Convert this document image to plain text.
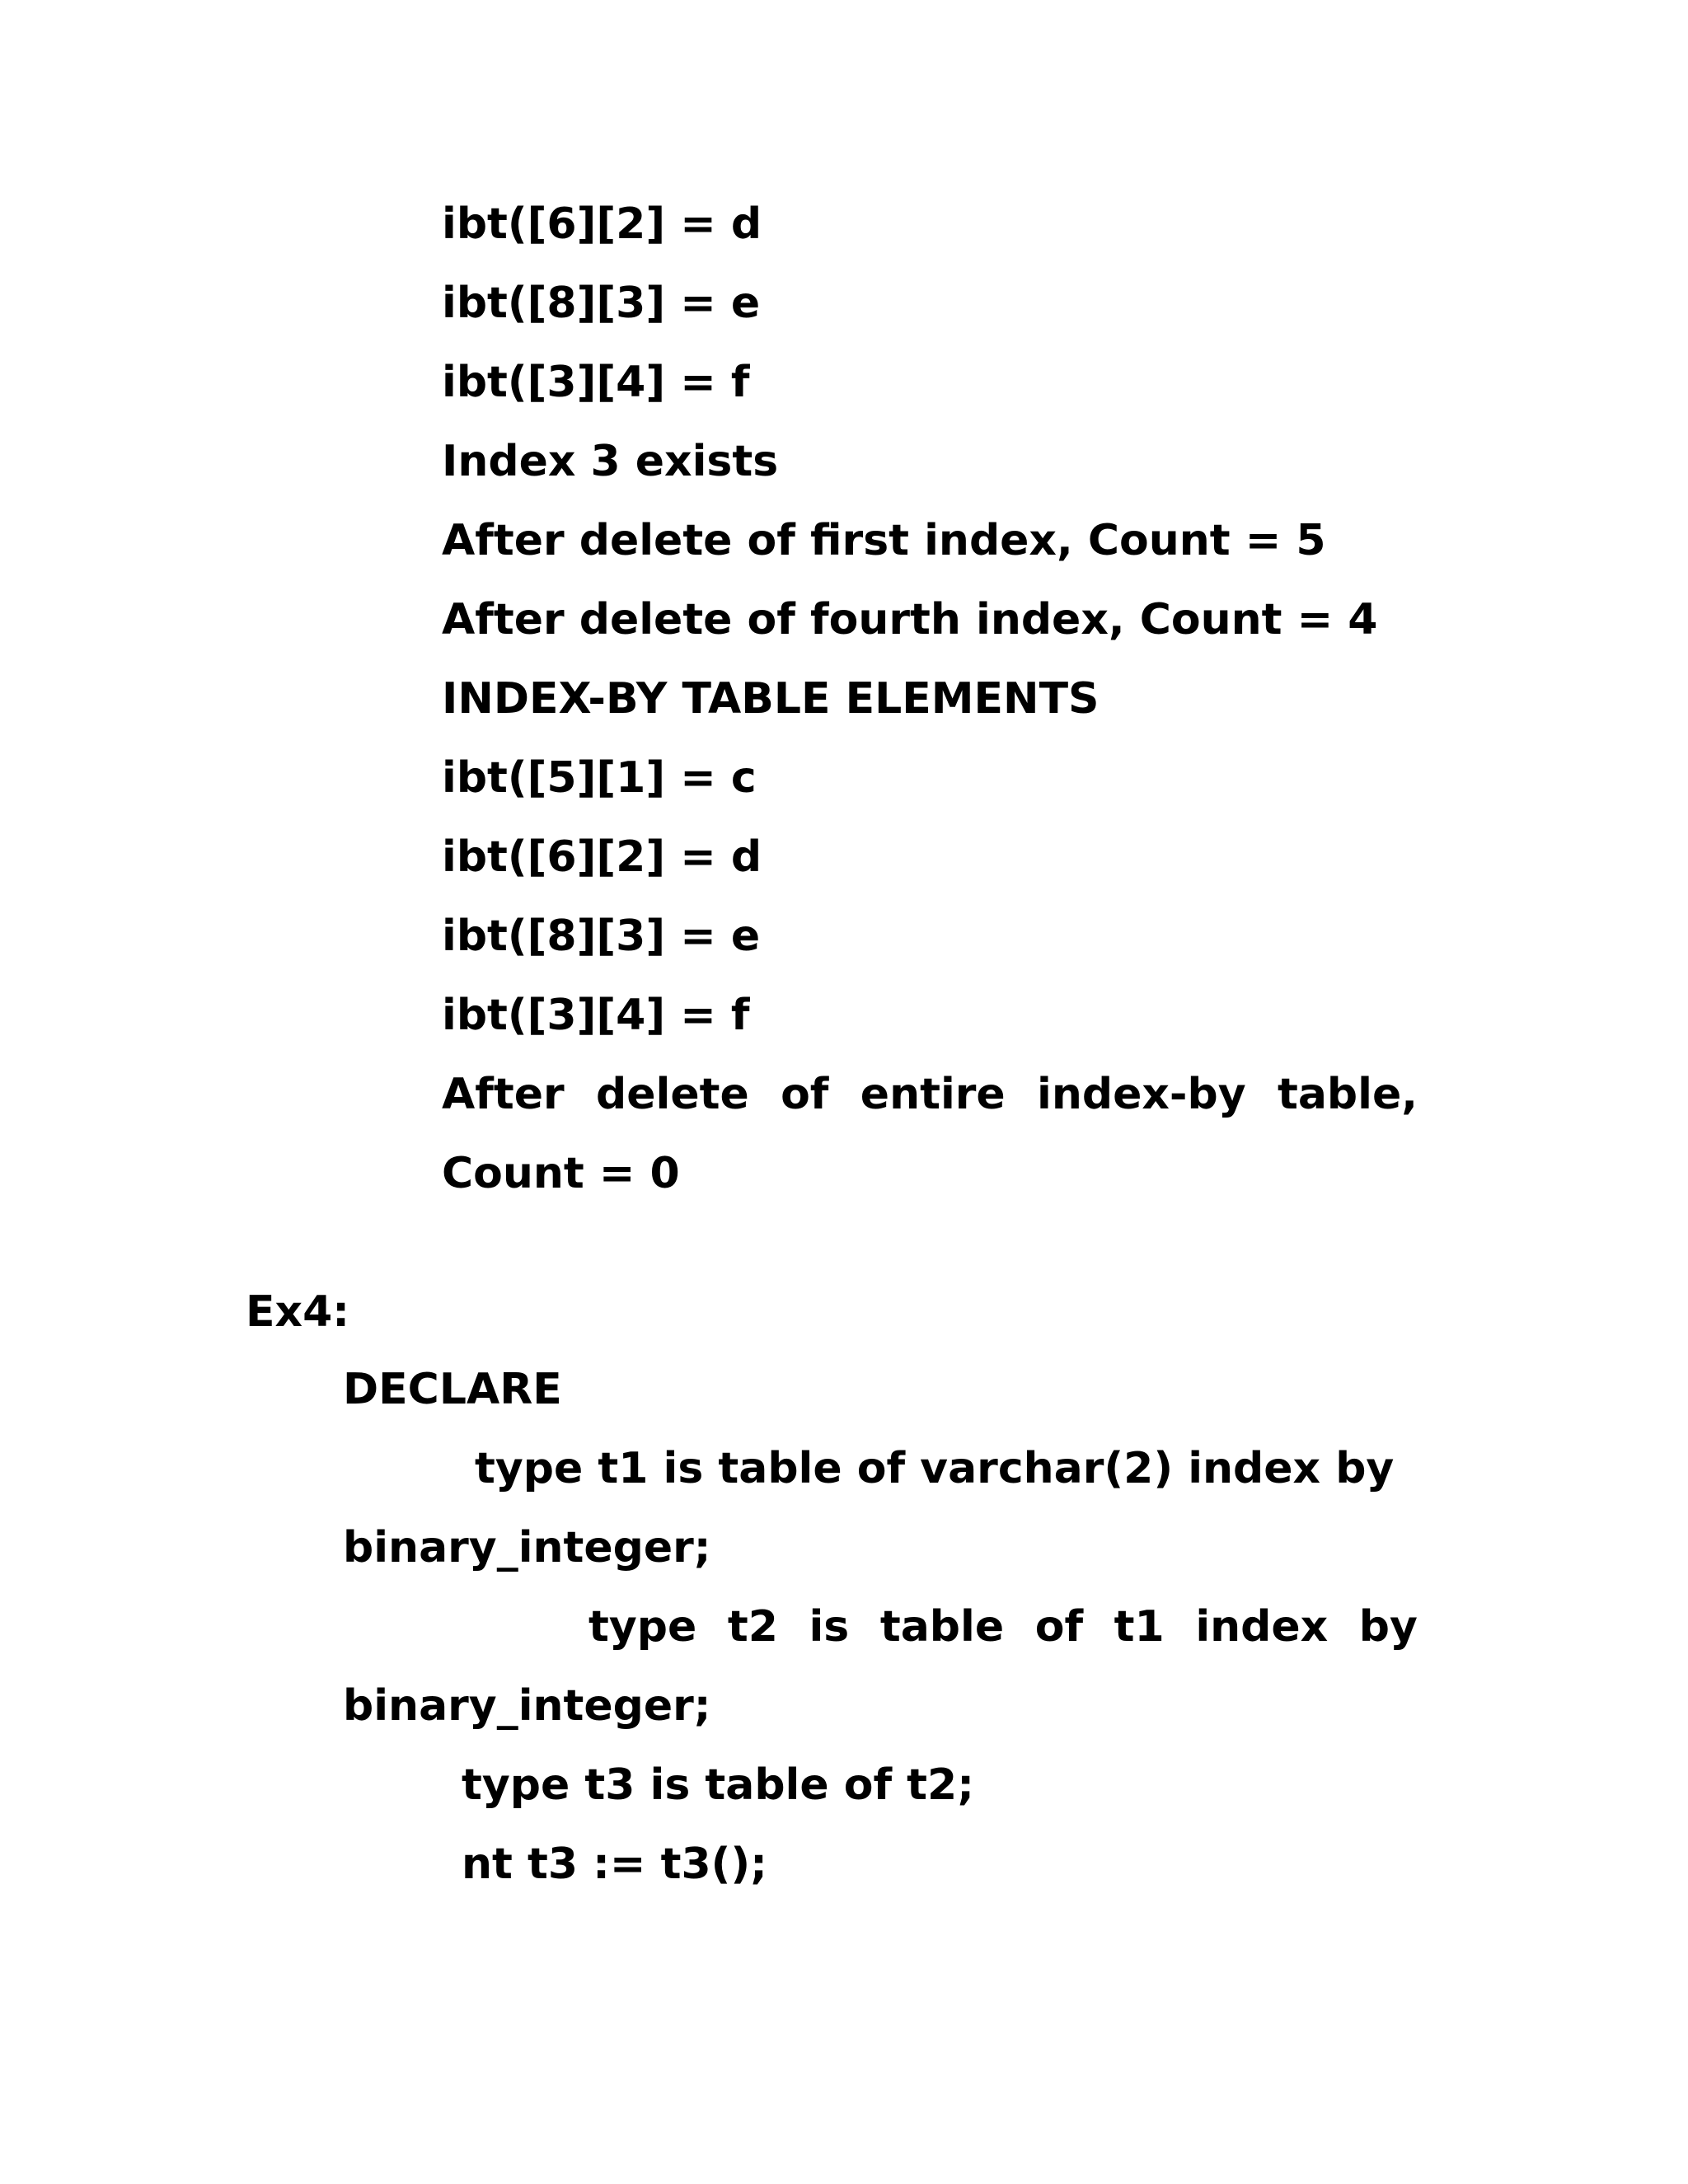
ibt([6][2] = d

ibt([8][3] = e

ibt([3][4] = f

Index 3 exists

After delete of first index, Count = 5

After delete of fourth index, Count = 4

INDEX-BY TABLE ELEMENTS

ibt([5][1] = c

ibt([6][2] = d

ibt([8][3] = e

ibt([3][4] = f

After delete of entire index-by table,

Count = 0

Ex4:

DECLARE

type t1 is table of varchar(2) index by

binary_integer;

type t2 is table of t1 index by

binary_integer;

type t3 is table of t2;

nt t3 := t3();
